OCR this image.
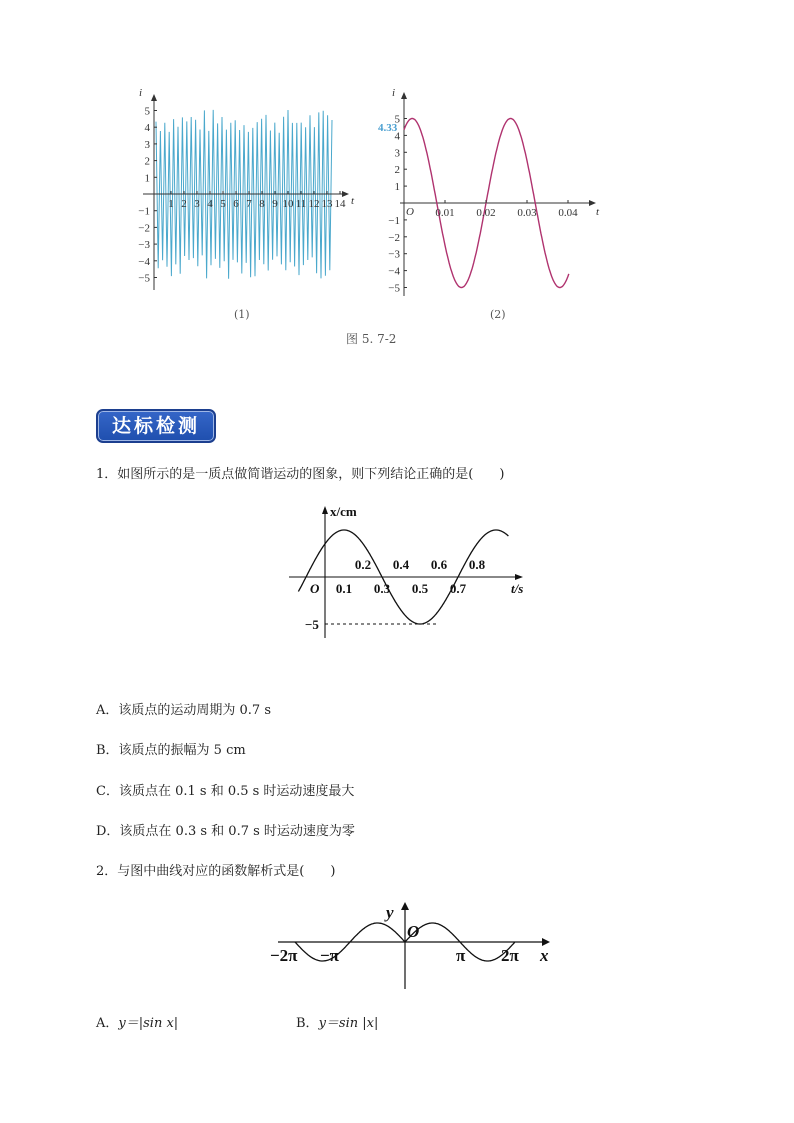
i
t
5
4
3
2
1
−1
−2
−3
−4
−5
1 2 3 4 5 6 7 8 9 10 11 12 13 14
(1)
i
t
O
4.33
5
4
3
2
1
−1
−2
−3
−4
−5
0.01 0.02 0.03 0.04
(2)
图 5. 7-2
达标检测
1．如图所示的是一质点做简谐运动的图象，则下列结论正确的是(　　)
x/cm
t/s
O
−5
0.2 0.4 0.6 0.8
0.1 0.3 0.5 0.7
A．该质点的运动周期为 0.7 s
B．该质点的振幅为 5 cm
C．该质点在 0.1 s 和 0.5 s 时运动速度最大
D．该质点在 0.3 s 和 0.7 s 时运动速度为零
2．与图中曲线对应的函数解析式是(　　)
y
x
O
−2π −π	π 2π
A．y＝|sin x|	B．y＝sin |x|
